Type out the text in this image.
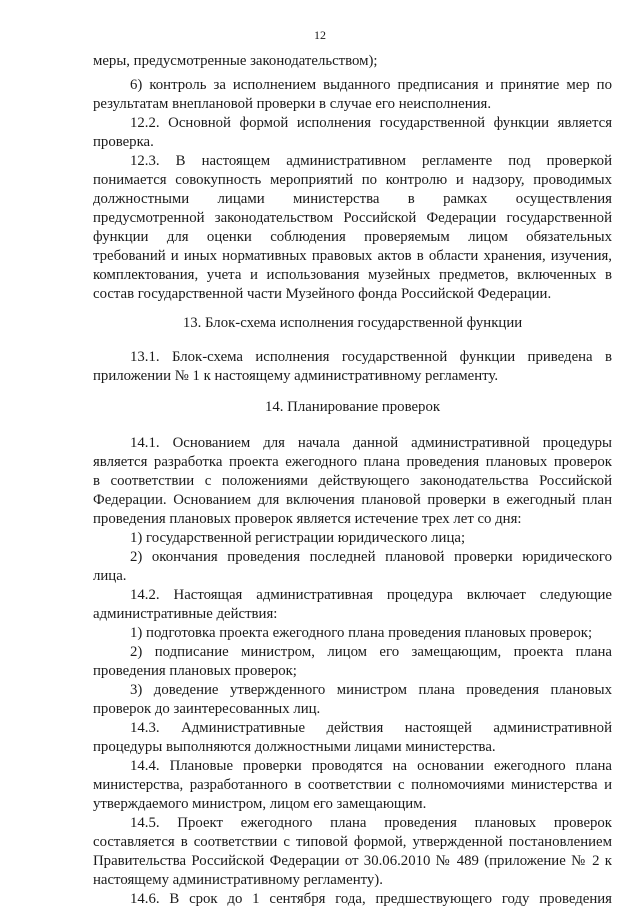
12
меры, предусмотренные законодательством);
6) контроль за исполнением выданного предписания и принятие мер по
результатам внеплановой проверки в случае его неисполнения.
12.2. Основной формой исполнения государственной функции является
проверка.
12.3. В настоящем административном регламенте под проверкой
понимается совокупность мероприятий по контролю и надзору, проводимых
должностными лицами министерства в рамках осуществления
предусмотренной законодательством Российской Федерации государственной
функции для оценки соблюдения проверяемым лицом обязательных
требований и иных нормативных правовых актов в области хранения, изучения,
комплектования, учета и использования музейных предметов, включенных в
состав государственной части Музейного фонда Российской Федерации.
13. Блок-схема исполнения государственной функции
13.1. Блок-схема исполнения государственной функции приведена в
приложении № 1 к настоящему административному регламенту.
14. Планирование проверок
14.1. Основанием для начала данной административной процедуры
является разработка проекта ежегодного плана проведения плановых проверок
в соответствии с положениями действующего законодательства Российской
Федерации. Основанием для включения плановой проверки в ежегодный план
проведения плановых проверок является истечение трех лет со дня:
1) государственной регистрации юридического лица;
2) окончания проведения последней плановой проверки юридического
лица.
14.2. Настоящая административная процедура включает следующие
административные действия:
1) подготовка проекта ежегодного плана проведения плановых проверок;
2) подписание министром, лицом его замещающим, проекта плана
проведения плановых проверок;
3) доведение утвержденного министром плана проведения плановых
проверок до заинтересованных лиц.
14.3. Административные действия настоящей административной
процедуры выполняются должностными лицами министерства.
14.4. Плановые проверки проводятся на основании ежегодного плана
министерства, разработанного в соответствии с полномочиями министерства и
утверждаемого министром, лицом его замещающим.
14.5. Проект ежегодного плана проведения плановых проверок
составляется в соответствии с типовой формой, утвержденной постановлением
Правительства Российской Федерации от 30.06.2010 № 489 (приложение № 2 к
настоящему административному регламенту).
14.6. В срок до 1 сентября года, предшествующего году проведения
